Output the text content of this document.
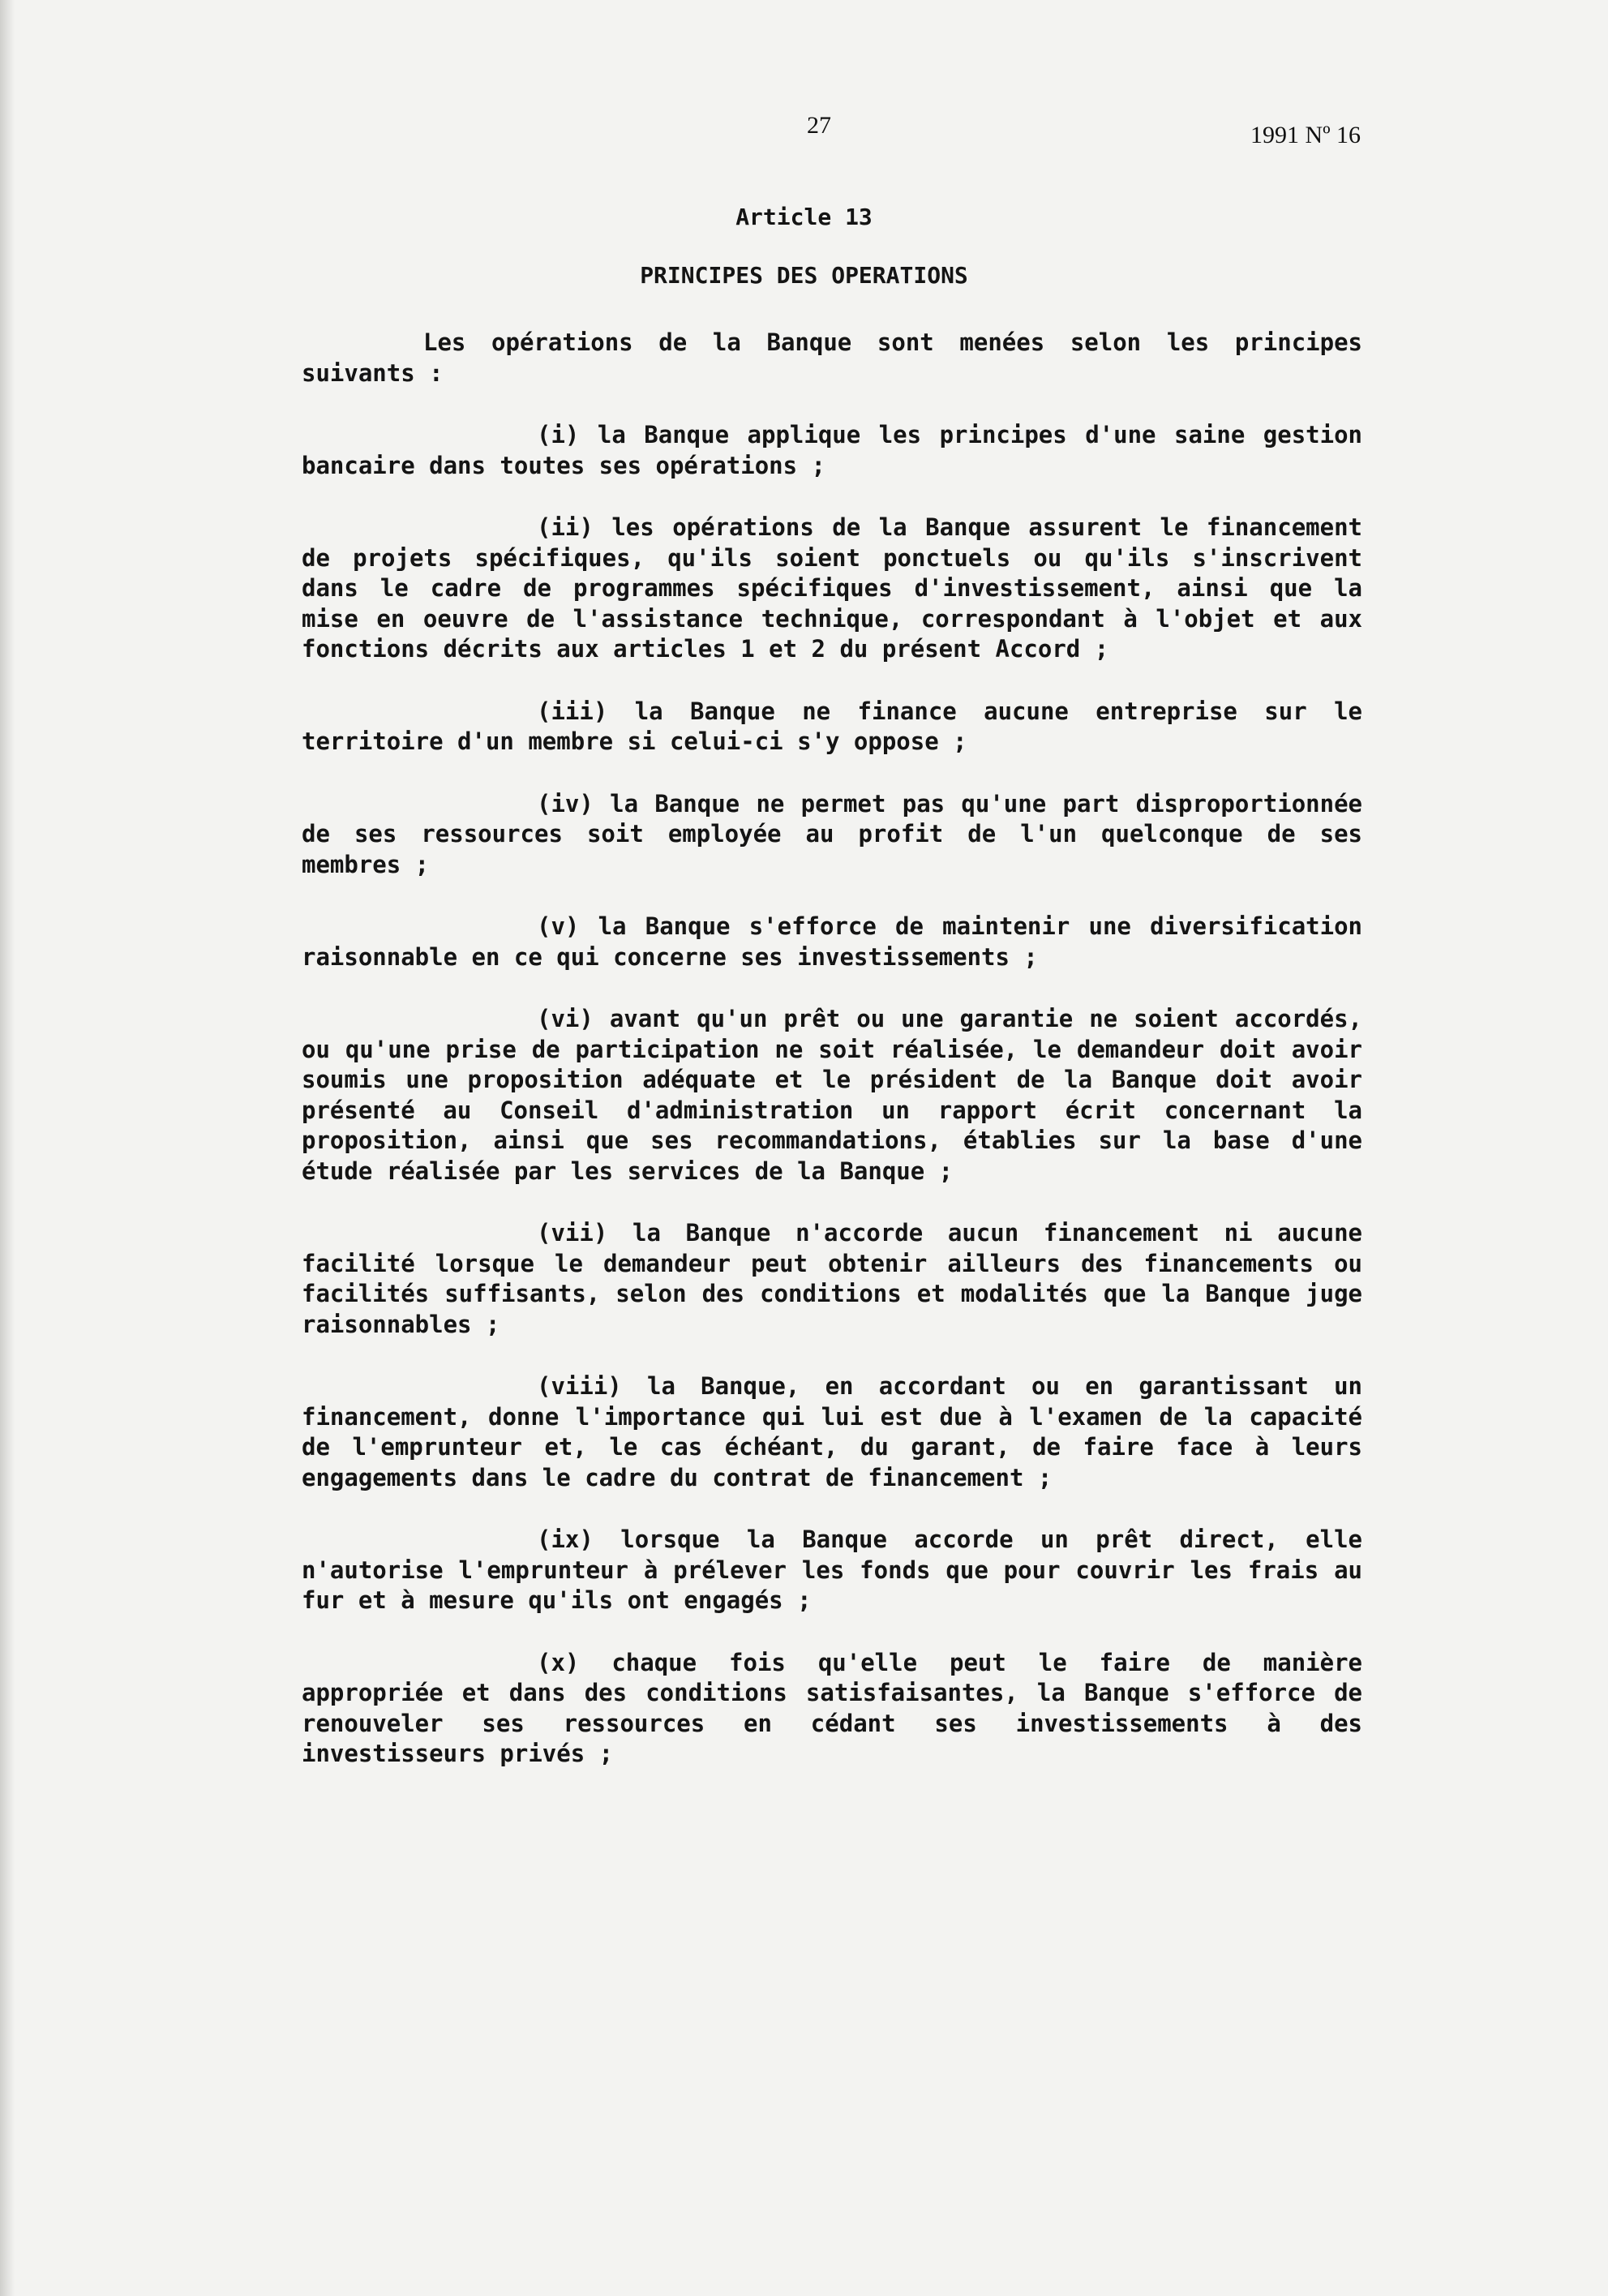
27	1991 Nº 16
Article 13
PRINCIPES DES OPERATIONS

Les opérations de la Banque sont menées selon les principes suivants :

(i) la Banque applique les principes d'une saine gestion bancaire dans toutes ses opérations ;

(ii) les opérations de la Banque assurent le financement de projets spécifiques, qu'ils soient ponctuels ou qu'ils s'inscrivent dans le cadre de programmes spécifiques d'investissement, ainsi que la mise en oeuvre de l'assistance technique, correspondant à l'objet et aux fonctions décrits aux articles 1 et 2 du présent Accord ;

(iii) la Banque ne finance aucune entreprise sur le territoire d'un membre si celui-ci s'y oppose ;

(iv) la Banque ne permet pas qu'une part disproportionnée de ses ressources soit employée au profit de l'un quelconque de ses membres ;

(v) la Banque s'efforce de maintenir une diversification raisonnable en ce qui concerne ses investissements ;

(vi) avant qu'un prêt ou une garantie ne soient accordés, ou qu'une prise de participation ne soit réalisée, le demandeur doit avoir soumis une proposition adéquate et le président de la Banque doit avoir présenté au Conseil d'administration un rapport écrit concernant la proposition, ainsi que ses recommandations, établies sur la base d'une étude réalisée par les services de la Banque ;

(vii) la Banque n'accorde aucun financement ni aucune facilité lorsque le demandeur peut obtenir ailleurs des financements ou facilités suffisants, selon des conditions et modalités que la Banque juge raisonnables ;

(viii) la Banque, en accordant ou en garantissant un financement, donne l'importance qui lui est due à l'examen de la capacité de l'emprunteur et, le cas échéant, du garant, de faire face à leurs engagements dans le cadre du contrat de financement ;

(ix) lorsque la Banque accorde un prêt direct, elle n'autorise l'emprunteur à prélever les fonds que pour couvrir les frais au fur et à mesure qu'ils ont engagés ;

(x) chaque fois qu'elle peut le faire de manière appropriée et dans des conditions satisfaisantes, la Banque s'efforce de renouveler ses ressources en cédant ses investissements à des investisseurs privés ;
